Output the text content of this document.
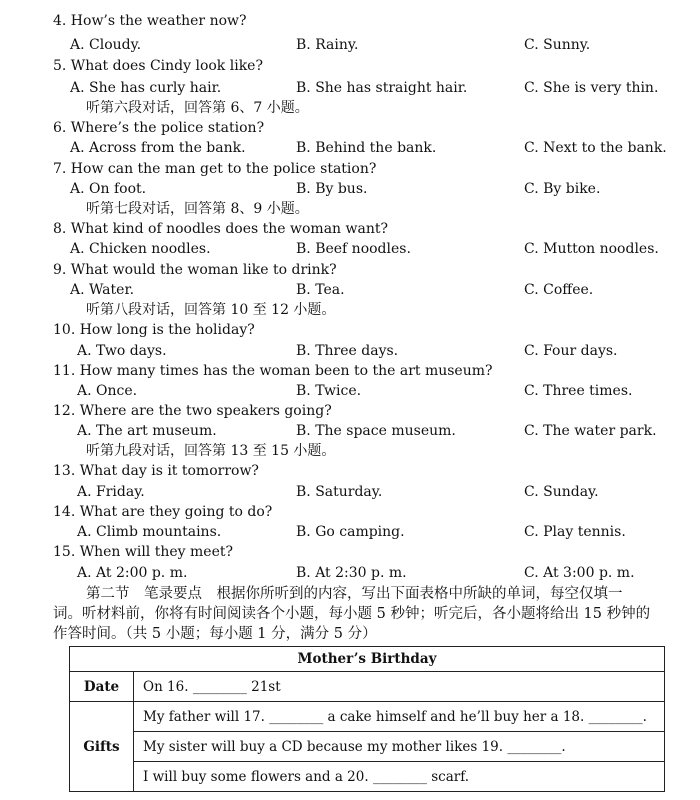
4. How’s the weather now?
A. Cloudy.	B. Rainy.	C. Sunny.
5. What does Cindy look like?
A. She has curly hair.	B. She has straight hair.	C. She is very thin.
听第六段对话，回答第 6、7 小题。
6. Where’s the police station?
A. Across from the bank.	B. Behind the bank.	C. Next to the bank.
7. How can the man get to the police station?
A. On foot.	B. By bus.	C. By bike.
听第七段对话，回答第 8、9 小题。
8. What kind of noodles does the woman want?
A. Chicken noodles.	B. Beef noodles.	C. Mutton noodles.
9. What would the woman like to drink?
A. Water.	B. Tea.	C. Coffee.
听第八段对话，回答第 10 至 12 小题。
10. How long is the holiday?
A. Two days.	B. Three days.	C. Four days.
11. How many times has the woman been to the art museum?
A. Once.	B. Twice.	C. Three times.
12. Where are the two speakers going?
A. The art museum.	B. The space museum.	C. The water park.
听第九段对话，回答第 13 至 15 小题。
13. What day is it tomorrow?
A. Friday.	B. Saturday.	C. Sunday.
14. What are they going to do?
A. Climb mountains.	B. Go camping.	C. Play tennis.
15. When will they meet?
A. At 2:00 p. m.	B. At 2:30 p. m.	C. At 3:00 p. m.
第二节　笔录要点　根据你所听到的内容，写出下面表格中所缺的单词，每空仅填一
词。听材料前，你将有时间阅读各个小题，每小题 5 秒钟；听完后，各小题将给出 15 秒钟的
作答时间。（共 5 小题；每小题 1 分，满分 5 分）
Mother’s Birthday	
Date	On 16. ________ 21st
Gifts	My father will 17. ________ a cake himself and he’ll buy her a 18. ________.
	My sister will buy a CD because my mother likes 19. ________.
	I will buy some flowers and a 20. ________ scarf.
